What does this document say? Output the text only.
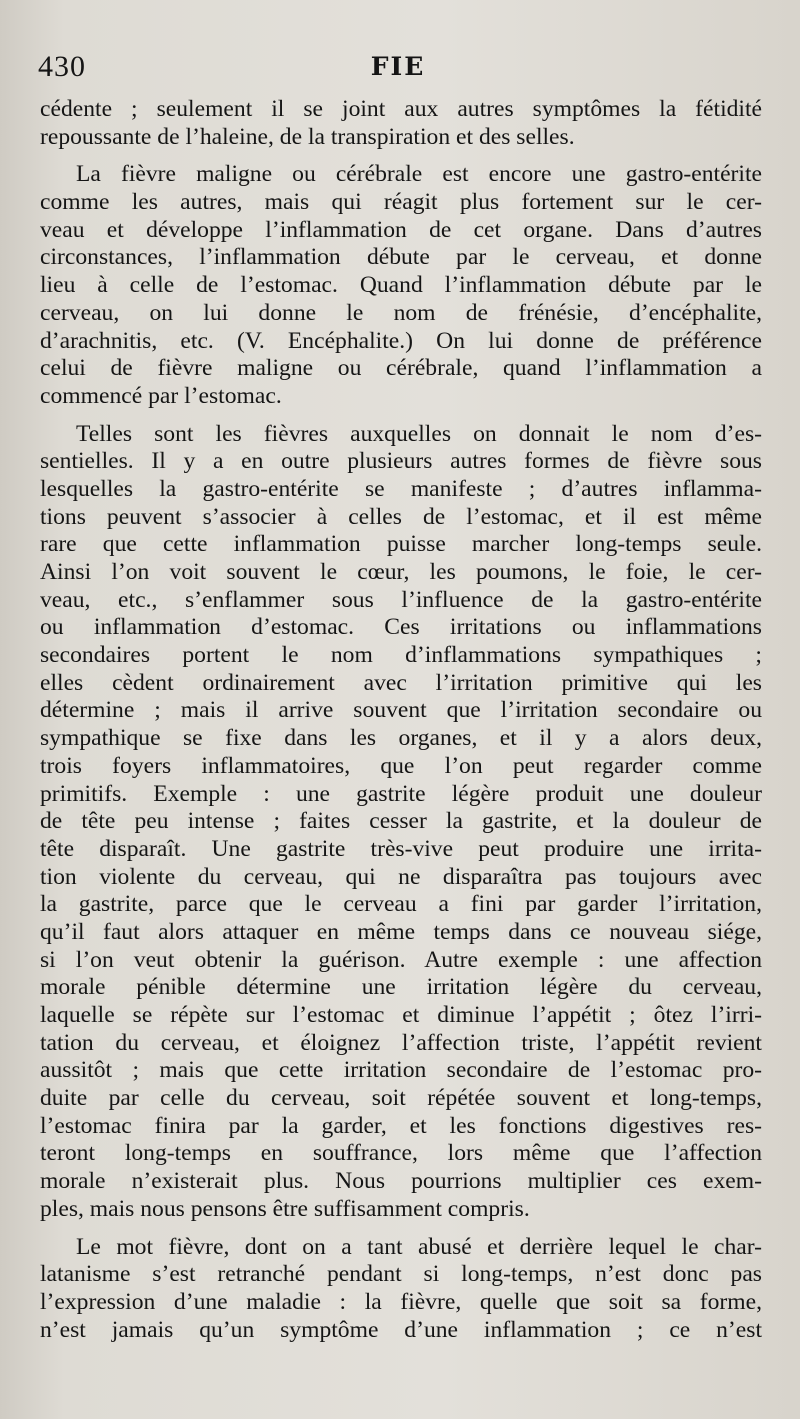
430	FIE
cédente ; seulement il se joint aux autres symptômes la fétidité
repoussante de l’haleine, de la transpiration et des selles.
La fièvre maligne ou cérébrale est encore une gastro-entérite
comme les autres, mais qui réagit plus fortement sur le cer-
veau et développe l’inflammation de cet organe. Dans d’autres
circonstances, l’inflammation débute par le cerveau, et donne
lieu à celle de l’estomac. Quand l’inflammation débute par le
cerveau, on lui donne le nom de frénésie, d’encéphalite,
d’arachnitis, etc. (V. Encéphalite.) On lui donne de préférence
celui de fièvre maligne ou cérébrale, quand l’inflammation a
commencé par l’estomac.
Telles sont les fièvres auxquelles on donnait le nom d’es-
sentielles. Il y a en outre plusieurs autres formes de fièvre sous
lesquelles la gastro-entérite se manifeste ; d’autres inflamma-
tions peuvent s’associer à celles de l’estomac, et il est même
rare que cette inflammation puisse marcher long-temps seule.
Ainsi l’on voit souvent le cœur, les poumons, le foie, le cer-
veau, etc., s’enflammer sous l’influence de la gastro-entérite
ou inflammation d’estomac. Ces irritations ou inflammations
secondaires portent le nom d’inflammations sympathiques ;
elles cèdent ordinairement avec l’irritation primitive qui les
détermine ; mais il arrive souvent que l’irritation secondaire ou
sympathique se fixe dans les organes, et il y a alors deux,
trois foyers inflammatoires, que l’on peut regarder comme
primitifs. Exemple : une gastrite légère produit une douleur
de tête peu intense ; faites cesser la gastrite, et la douleur de
tête disparaît. Une gastrite très-vive peut produire une irrita-
tion violente du cerveau, qui ne disparaîtra pas toujours avec
la gastrite, parce que le cerveau a fini par garder l’irritation,
qu’il faut alors attaquer en même temps dans ce nouveau siége,
si l’on veut obtenir la guérison. Autre exemple : une affection
morale pénible détermine une irritation légère du cerveau,
laquelle se répète sur l’estomac et diminue l’appétit ; ôtez l’irri-
tation du cerveau, et éloignez l’affection triste, l’appétit revient
aussitôt ; mais que cette irritation secondaire de l’estomac pro-
duite par celle du cerveau, soit répétée souvent et long-temps,
l’estomac finira par la garder, et les fonctions digestives res-
teront long-temps en souffrance, lors même que l’affection
morale n’existerait plus. Nous pourrions multiplier ces exem-
ples, mais nous pensons être suffisamment compris.
Le mot fièvre, dont on a tant abusé et derrière lequel le char-
latanisme s’est retranché pendant si long-temps, n’est donc pas
l’expression d’une maladie : la fièvre, quelle que soit sa forme,
n’est jamais qu’un symptôme d’une inflammation ; ce n’est
